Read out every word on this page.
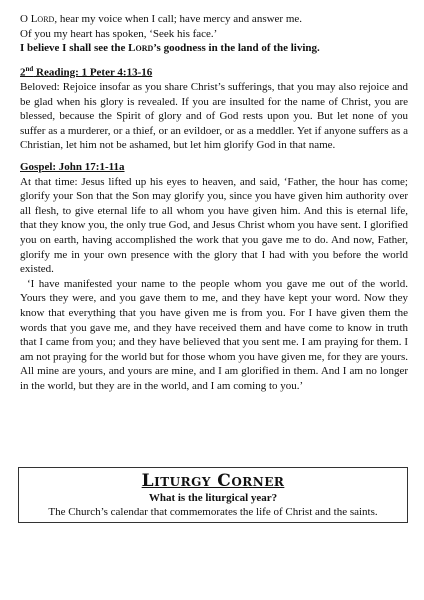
O Lord, hear my voice when I call; have mercy and answer me.

Of you my heart has spoken, ‘Seek his face.’

I believe I shall see the Lord’s goodness in the land of the living.

2nd Reading: 1 Peter 4:13-16

Beloved: Rejoice insofar as you share Christ’s sufferings, that you may also rejoice and be glad when his glory is revealed. If you are insulted for the name of Christ, you are blessed, because the Spirit of glory and of God rests upon you. But let none of you suffer as a murderer, or a thief, or an evildoer, or as a meddler. Yet if anyone suffers as a Christian, let him not be ashamed, but let him glorify God in that name.

Gospel: John 17:1-11a

At that time: Jesus lifted up his eyes to heaven, and said, ‘Father, the hour has come; glorify your Son that the Son may glorify you, since you have given him authority over all flesh, to give eternal life to all whom you have given him. And this is eternal life, that they know you, the only true God, and Jesus Christ whom you have sent. I glorified you on earth, having accomplished the work that you gave me to do. And now, Father, glorify me in your own presence with the glory that I had with you before the world existed.

‘I have manifested your name to the people whom you gave me out of the world. Yours they were, and you gave them to me, and they have kept your word. Now they know that everything that you have given me is from you. For I have given them the words that you gave me, and they have received them and have come to know in truth that I came from you; and they have believed that you sent me. I am praying for them. I am not praying for the world but for those whom you have given me, for they are yours. All mine are yours, and yours are mine, and I am glorified in them. And I am no longer in the world, but they are in the world, and I am coming to you.’

Liturgy Corner
What is the liturgical year?
The Church’s calendar that commemorates the life of Christ and the saints.
